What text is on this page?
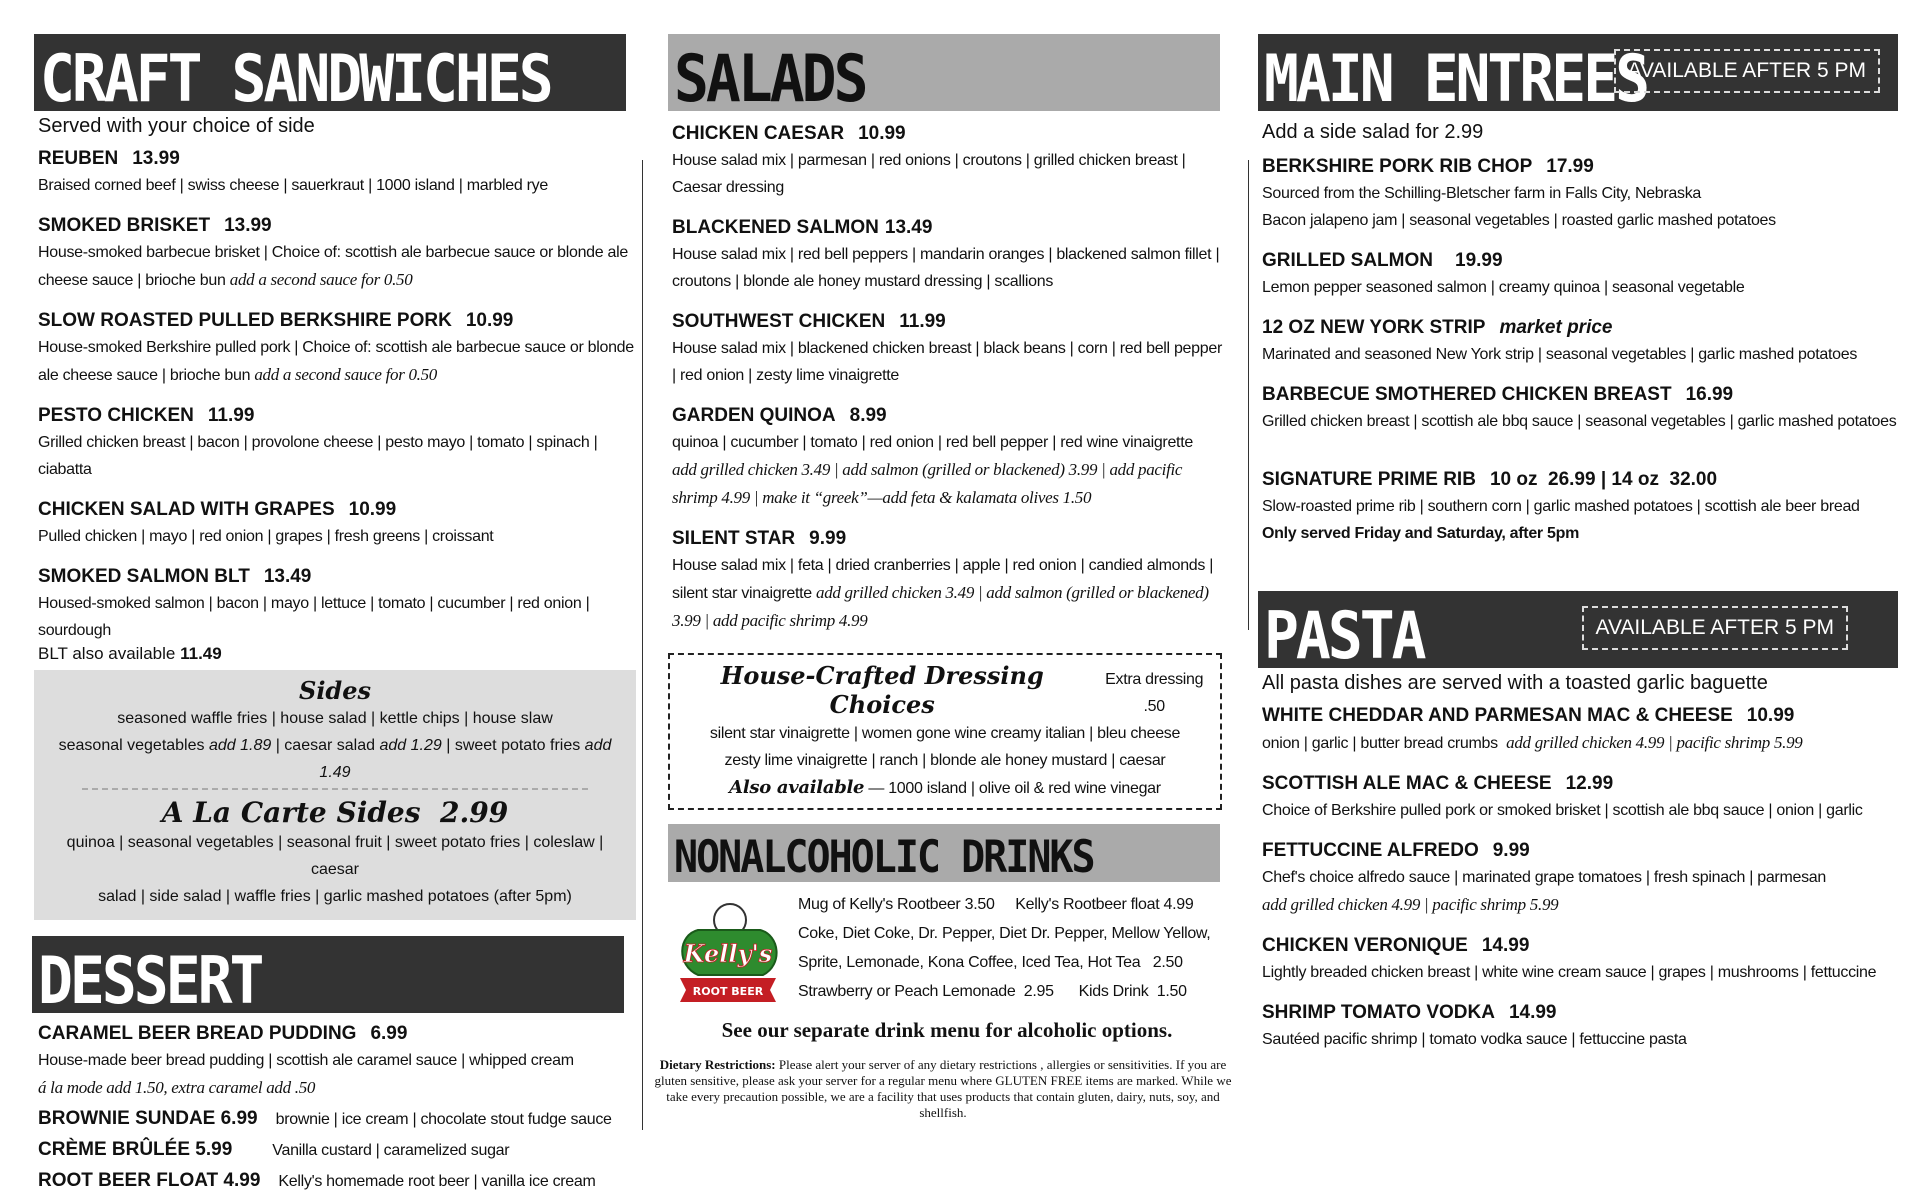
CRAFT SANDWICHES
Served with your choice of side
REUBEN 13.99
Braised corned beef | swiss cheese | sauerkraut | 1000 island | marbled rye
SMOKED BRISKET 13.99
House-smoked barbecue brisket | Choice of: scottish ale barbecue sauce or blonde ale cheese sauce | brioche bun add a second sauce for 0.50
SLOW ROASTED PULLED BERKSHIRE PORK 10.99
House-smoked Berkshire pulled pork | Choice of: scottish ale barbecue sauce or blonde ale cheese sauce | brioche bun add a second sauce for 0.50
PESTO CHICKEN 11.99
Grilled chicken breast | bacon | provolone cheese | pesto mayo | tomato | spinach | ciabatta
CHICKEN SALAD WITH GRAPES 10.99
Pulled chicken | mayo | red onion | grapes | fresh greens | croissant
SMOKED SALMON BLT 13.49
Housed-smoked salmon | bacon | mayo | lettuce | tomato | cucumber | red onion | sourdough
BLT also available 11.49
Sides
seasoned waffle fries | house salad | kettle chips | house slaw
seasonal vegetables add 1.89 | caesar salad add 1.29 | sweet potato fries add 1.49
A La Carte Sides 2.99
quinoa | seasonal vegetables | seasonal fruit | sweet potato fries | coleslaw | caesar
salad | side salad | waffle fries | garlic mashed potatoes (after 5pm)
DESSERT
CARAMEL BEER BREAD PUDDING 6.99
House-made beer bread pudding | scottish ale caramel sauce | whipped cream
á la mode add 1.50, extra caramel add .50
BROWNIE SUNDAE 6.99 brownie | ice cream | chocolate stout fudge sauce
CRÈME BRÛLÉE 5.99	Vanilla custard | caramelized sugar
ROOT BEER FLOAT 4.99 Kelly's homemade root beer | vanilla ice cream
SALADS
CHICKEN CAESAR 10.99
House salad mix | parmesan | red onions | croutons | grilled chicken breast | Caesar dressing
BLACKENED SALMON 13.49
House salad mix | red bell peppers | mandarin oranges | blackened salmon fillet | croutons | blonde ale honey mustard dressing | scallions
SOUTHWEST CHICKEN 11.99
House salad mix | blackened chicken breast | black beans | corn | red bell pepper | red onion | zesty lime vinaigrette
GARDEN QUINOA 8.99
quinoa | cucumber | tomato | red onion | red bell pepper | red wine vinaigrette
add grilled chicken 3.49 | add salmon (grilled or blackened) 3.99 | add pacific shrimp 4.99 | make it “greek”—add feta & kalamata olives 1.50
SILENT STAR 9.99
House salad mix | feta | dried cranberries | apple | red onion | candied almonds | silent star vinaigrette add grilled chicken 3.49 | add salmon (grilled or blackened) 3.99 | add pacific shrimp 4.99
House-Crafted Dressing Choices
Extra dressing .50
silent star vinaigrette | women gone wine creamy italian | bleu cheese
zesty lime vinaigrette | ranch | blonde ale honey mustard | caesar
Also available — 1000 island | olive oil & red wine vinegar
NONALCOHOLIC DRINKS
Kelly's
ROOT BEER
Mug of Kelly's Rootbeer 3.50     Kelly's Rootbeer float 4.99
Coke, Diet Coke, Dr. Pepper, Diet Dr. Pepper, Mellow Yellow,
Sprite, Lemonade, Kona Coffee, Iced Tea, Hot Tea   2.50
Strawberry or Peach Lemonade  2.95      Kids Drink  1.50
See our separate drink menu for alcoholic options.
Dietary Restrictions: Please alert your server of any dietary restrictions , allergies or sensitivities. If you are gluten sensitive, please ask your server for a regular menu where GLUTEN FREE items are marked. While we take every precaution possible, we are a facility that uses products that contain gluten, dairy, nuts, soy, and shellfish.
MAIN ENTREES
AVAILABLE AFTER 5 PM
Add a side salad for 2.99
BERKSHIRE PORK RIB CHOP 17.99
Sourced from the Schilling-Bletscher farm in Falls City, Nebraska
Bacon jalapeno jam | seasonal vegetables | roasted garlic mashed potatoes
GRILLED SALMON 19.99
Lemon pepper seasoned salmon | creamy quinoa | seasonal vegetable
12 OZ NEW YORK STRIP market price
Marinated and seasoned New York strip | seasonal vegetables | garlic mashed potatoes
BARBECUE SMOTHERED CHICKEN BREAST 16.99
Grilled chicken breast | scottish ale bbq sauce | seasonal vegetables | garlic mashed potatoes
SIGNATURE PRIME RIB 10 oz  26.99 | 14 oz  32.00
Slow-roasted prime rib | southern corn | garlic mashed potatoes | scottish ale beer bread
Only served Friday and Saturday, after 5pm
PASTA	AVAILABLE AFTER 5 PM
All pasta dishes are served with a toasted garlic baguette
WHITE CHEDDAR AND PARMESAN MAC & CHEESE 10.99
onion | garlic | butter bread crumbs add grilled chicken 4.99 | pacific shrimp 5.99
SCOTTISH ALE MAC & CHEESE 12.99
Choice of Berkshire pulled pork or smoked brisket | scottish ale bbq sauce | onion | garlic
FETTUCCINE ALFREDO 9.99
Chef's choice alfredo sauce | marinated grape tomatoes | fresh spinach | parmesan
add grilled chicken 4.99 | pacific shrimp 5.99
CHICKEN VERONIQUE 14.99
Lightly breaded chicken breast | white wine cream sauce | grapes | mushrooms | fettuccine
SHRIMP TOMATO VODKA 14.99
Sautéed pacific shrimp | tomato vodka sauce | fettuccine pasta
